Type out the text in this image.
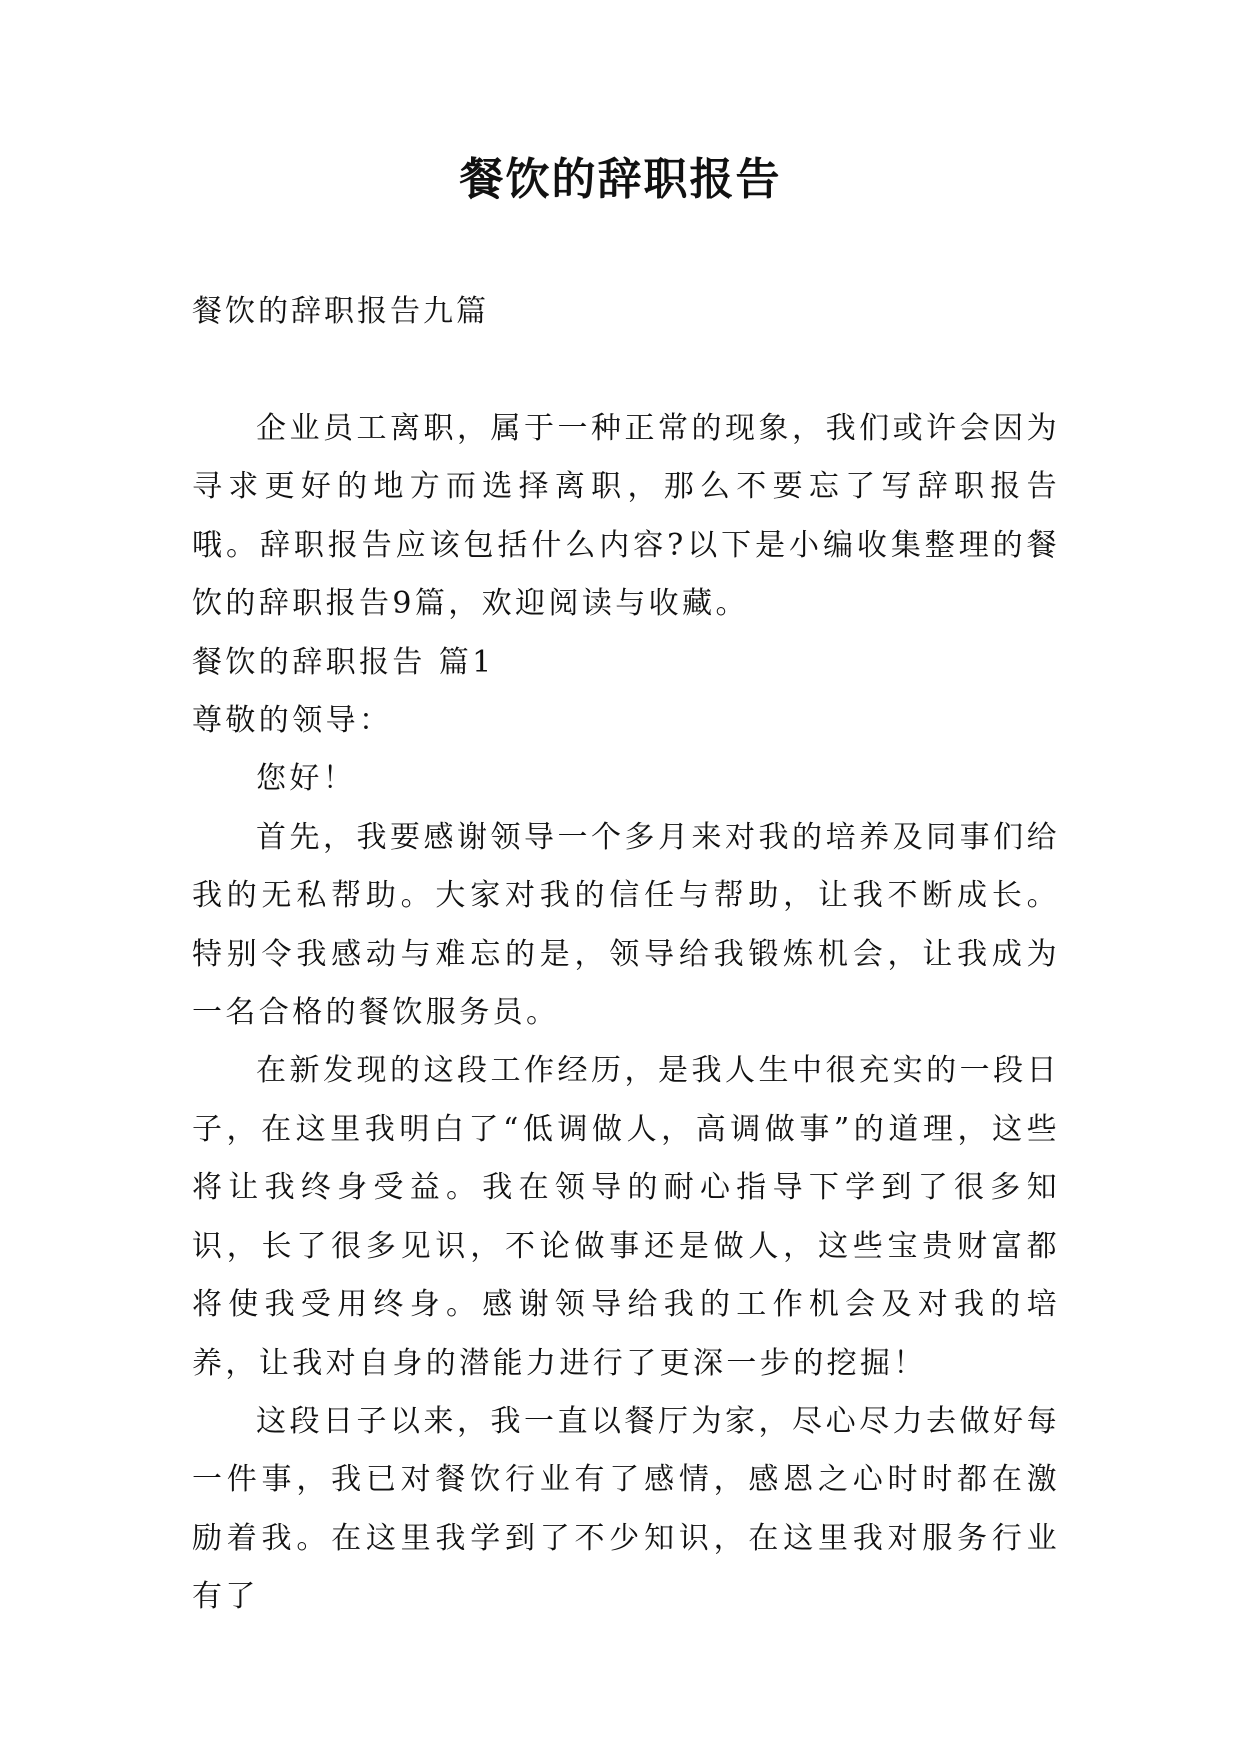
餐饮的辞职报告

餐饮的辞职报告九篇

企业员工离职，属于一种正常的现象，我们或许会因为寻求更好的地方而选择离职，那么不要忘了写辞职报告哦。辞职报告应该包括什么内容?以下是小编收集整理的餐饮的辞职报告9篇，欢迎阅读与收藏。

餐饮的辞职报告 篇1

尊敬的领导：

您好！

首先，我要感谢领导一个多月来对我的培养及同事们给我的无私帮助。大家对我的信任与帮助，让我不断成长。特别令我感动与难忘的是，领导给我锻炼机会，让我成为一名合格的餐饮服务员。

在新发现的这段工作经历，是我人生中很充实的一段日子，在这里我明白了“低调做人，高调做事”的道理，这些将让我终身受益。我在领导的耐心指导下学到了很多知识，长了很多见识，不论做事还是做人，这些宝贵财富都将使我受用终身。感谢领导给我的工作机会及对我的培养，让我对自身的潜能力进行了更深一步的挖掘！

这段日子以来，我一直以餐厅为家，尽心尽力去做好每一件事，我已对餐饮行业有了感情，感恩之心时时都在激励着我。在这里我学到了不少知识，在这里我对服务行业有了
